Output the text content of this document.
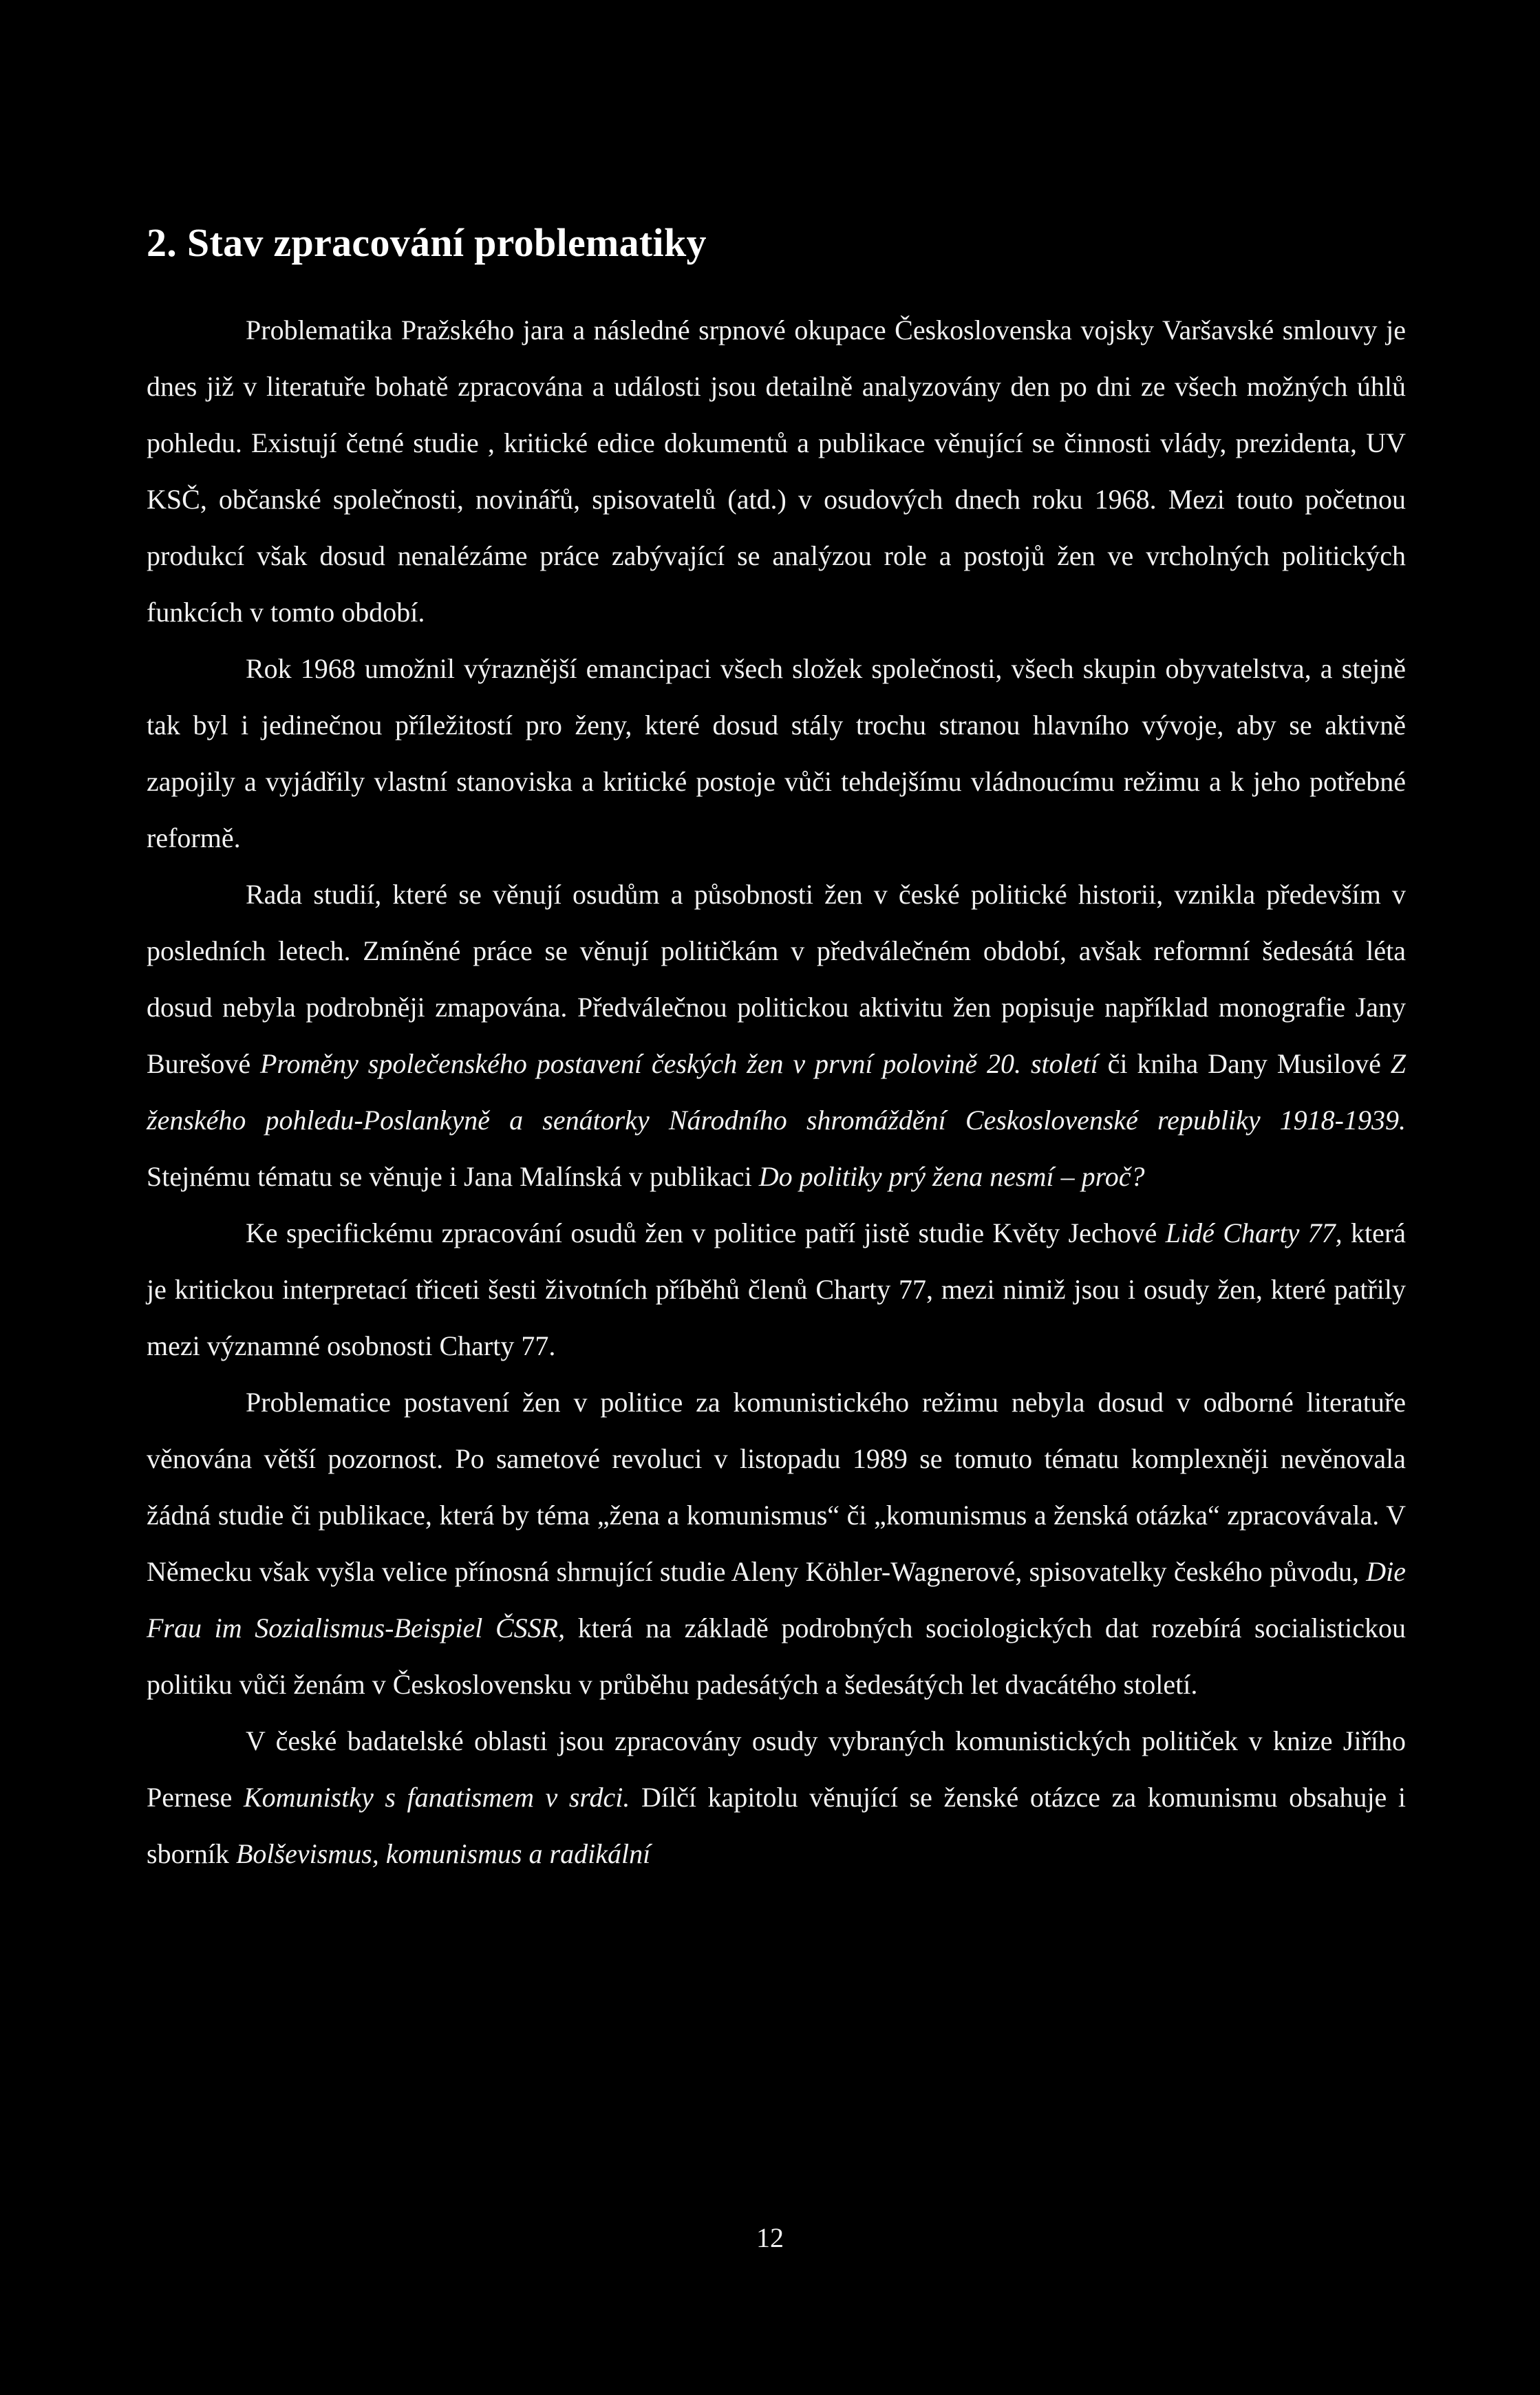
2. Stav zpracování problematiky

Problematika Pražského jara a následné srpnové okupace Československa vojsky Varšavské smlouvy je dnes již v literatuře bohatě zpracována a události jsou detailně analyzovány den po dni ze všech možných úhlů pohledu. Existují četné studie , kritické edice dokumentů a publikace věnující se činnosti vlády, prezidenta, UV KSČ, občanské společnosti, novinářů, spisovatelů (atd.) v osudových dnech roku 1968. Mezi touto početnou produkcí však dosud nenalézáme práce zabývající se analýzou role a postojů žen ve vrcholných politických funkcích v tomto období.

Rok 1968 umožnil výraznější emancipaci všech složek společnosti, všech skupin obyvatelstva, a stejně tak byl i jedinečnou příležitostí pro ženy, které dosud stály trochu stranou hlavního vývoje, aby se aktivně zapojily a vyjádřily vlastní stanoviska a kritické postoje vůči tehdejšímu vládnoucímu režimu a k jeho potřebné reformě.

Rada studií, které se věnují osudům a působnosti žen v české politické historii, vznikla především v posledních letech. Zmíněné práce se věnují političkám v předválečném období, avšak reformní šedesátá léta dosud nebyla podrobněji zmapována. Předválečnou politickou aktivitu žen popisuje například monografie Jany Burešové Proměny společenského postavení českých žen v první polovině 20. století či kniha Dany Musilové Z ženského pohledu-Poslankyně a senátorky Národního shromáždění Ceskoslovenské republiky 1918-1939. Stejnému tématu se věnuje i Jana Malínská v publikaci Do politiky prý žena nesmí – proč?

Ke specifickému zpracování osudů žen v politice patří jistě studie Květy Jechové Lidé Charty 77, která je kritickou interpretací třiceti šesti životních příběhů členů Charty 77, mezi nimiž jsou i osudy žen, které patřily mezi významné osobnosti Charty 77.

Problematice postavení žen v politice za komunistického režimu nebyla dosud v odborné literatuře věnována větší pozornost. Po sametové revoluci v listopadu 1989 se tomuto tématu komplexněji nevěnovala žádná studie či publikace, která by téma „žena a komunismus“ či „komunismus a ženská otázka“ zpracovávala. V Německu však vyšla velice přínosná shrnující studie Aleny Köhler-Wagnerové, spisovatelky českého původu, Die Frau im Sozialismus-Beispiel ČSSR, která na základě podrobných sociologických dat rozebírá socialistickou politiku vůči ženám v Československu v průběhu padesátých a šedesátých let dvacátého století.

V české badatelské oblasti jsou zpracovány osudy vybraných komunistických političek v knize Jiřího Pernese Komunistky s fanatismem v srdci. Dílčí kapitolu věnující se ženské otázce za komunismu obsahuje i sborník Bolševismus, komunismus a radikální

12
